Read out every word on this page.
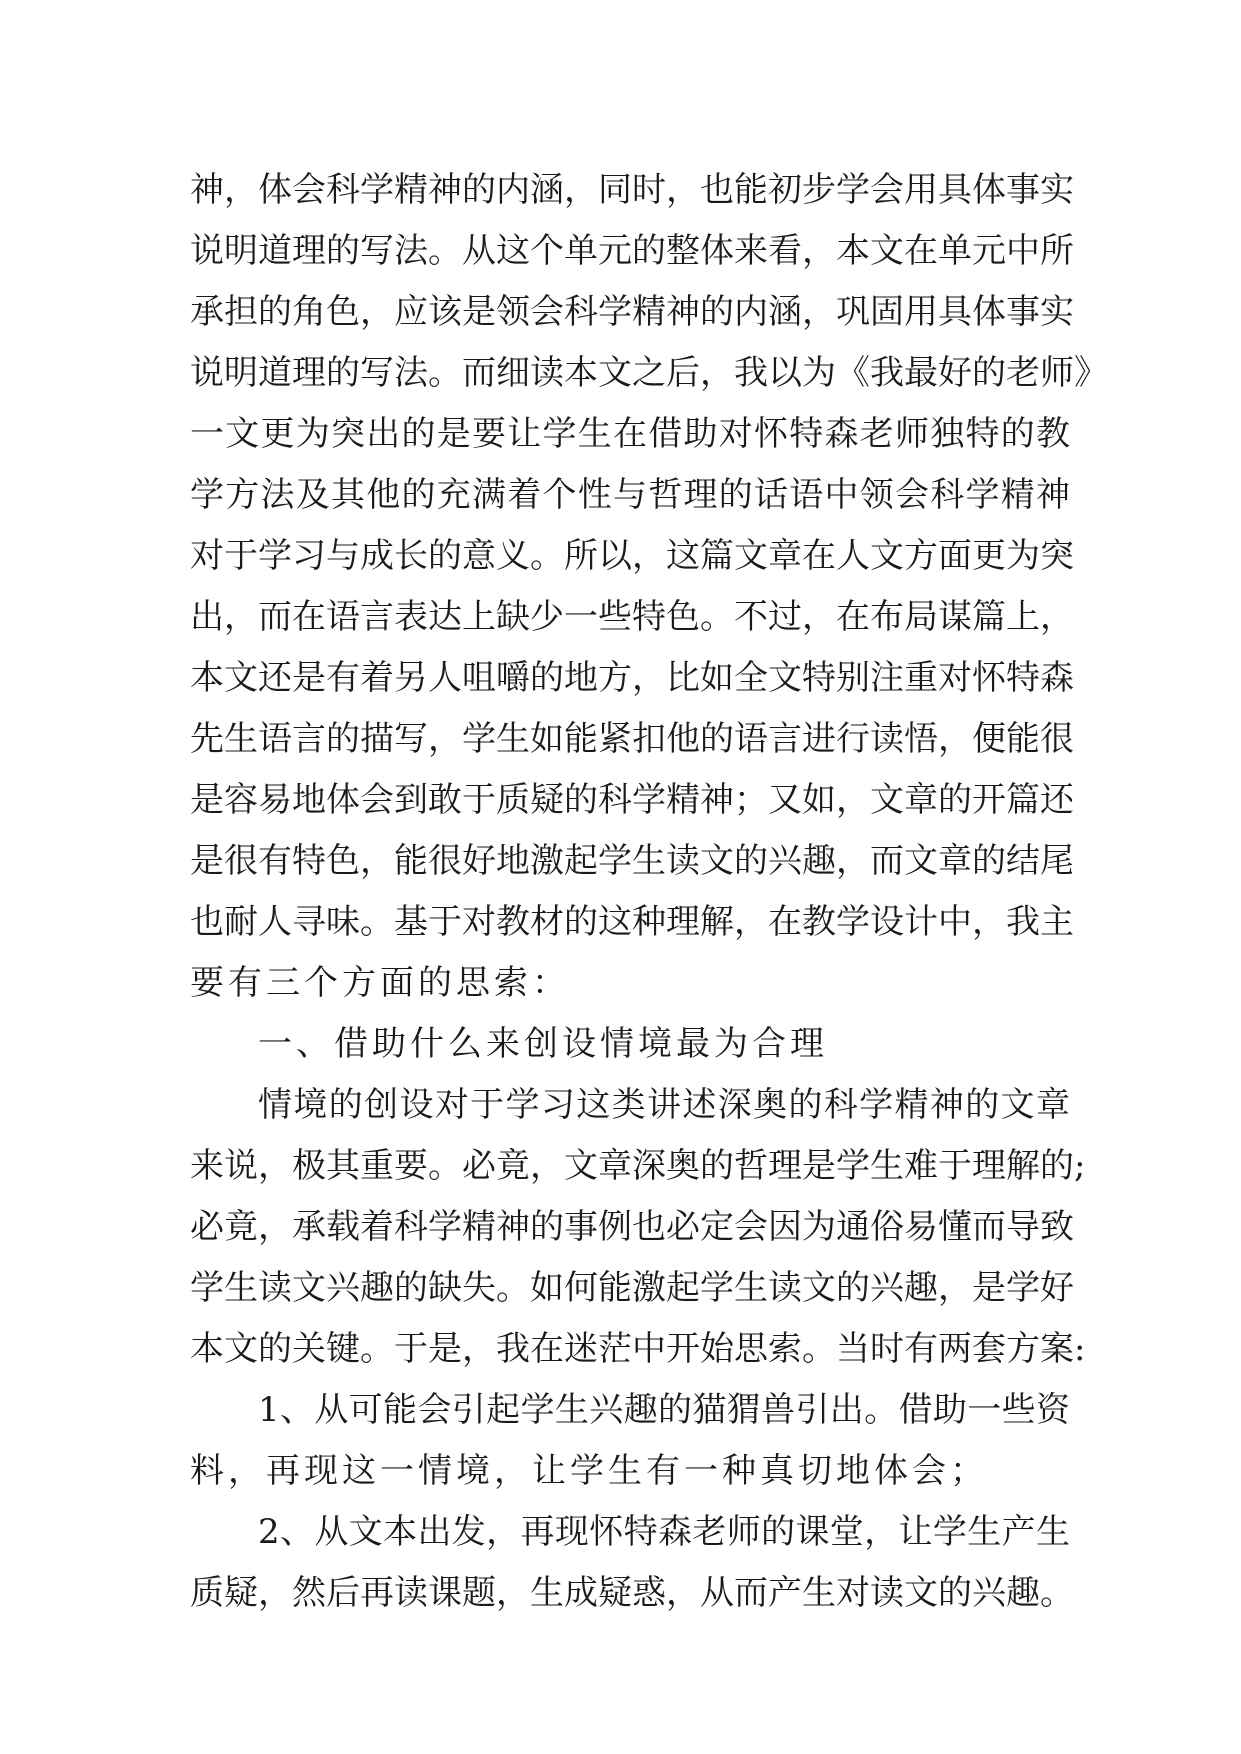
神，体会科学精神的内涵，同时，也能初步学会用具体事实
说明道理的写法。从这个单元的整体来看，本文在单元中所
承担的角色，应该是领会科学精神的内涵，巩固用具体事实
说明道理的写法。而细读本文之后，我以为《我最好的老师》
一文更为突出的是要让学生在借助对怀特森老师独特的教
学方法及其他的充满着个性与哲理的话语中领会科学精神
对于学习与成长的意义。所以，这篇文章在人文方面更为突
出，而在语言表达上缺少一些特色。不过，在布局谋篇上，
本文还是有着另人咀嚼的地方，比如全文特别注重对怀特森
先生语言的描写，学生如能紧扣他的语言进行读悟，便能很
是容易地体会到敢于质疑的科学精神；又如，文章的开篇还
是很有特色，能很好地激起学生读文的兴趣，而文章的结尾
也耐人寻味。基于对教材的这种理解，在教学设计中，我主
要有三个方面的思索：
一、借助什么来创设情境最为合理
情境的创设对于学习这类讲述深奥的科学精神的文章
来说，极其重要。必竟，文章深奥的哲理是学生难于理解的;
必竟，承载着科学精神的事例也必定会因为通俗易懂而导致
学生读文兴趣的缺失。如何能激起学生读文的兴趣，是学好
本文的关键。于是，我在迷茫中开始思索。当时有两套方案:
1、从可能会引起学生兴趣的猫猬兽引出。借助一些资
料，再现这一情境，让学生有一种真切地体会；
2、从文本出发，再现怀特森老师的课堂，让学生产生
质疑，然后再读课题，生成疑惑，从而产生对读文的兴趣。
